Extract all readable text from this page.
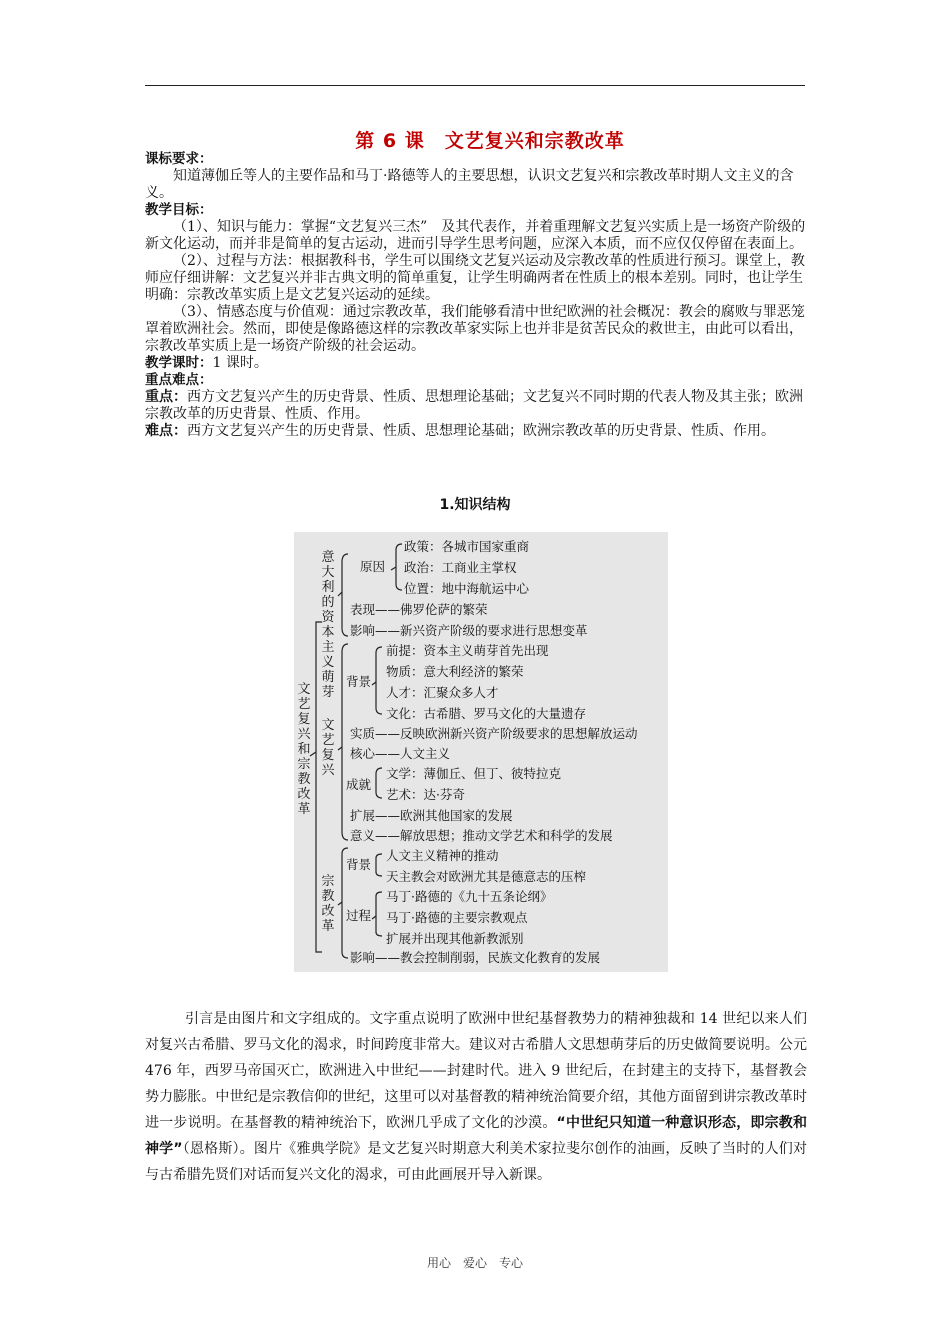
第 6 课　文艺复兴和宗教改革

课标要求：

知道薄伽丘等人的主要作品和马丁·路德等人的主要思想，认识文艺复兴和宗教改革时期人文主义的含义。

教学目标：

（1）、知识与能力：掌握“文艺复兴三杰”　及其代表作，并着重理解文艺复兴实质上是一场资产阶级的新文化运动，而并非是简单的复古运动，进而引导学生思考问题，应深入本质，而不应仅仅停留在表面上。

（2）、过程与方法：根据教科书，学生可以围绕文艺复兴运动及宗教改革的性质进行预习。课堂上，教师应仔细讲解：文艺复兴并非古典文明的简单重复，让学生明确两者在性质上的根本差别。同时，也让学生明确：宗教改革实质上是文艺复兴运动的延续。

（3）、情感态度与价值观：通过宗教改革，我们能够看清中世纪欧洲的社会概况：教会的腐败与罪恶笼罩着欧洲社会。然而，即使是像路德这样的宗教改革家实际上也并非是贫苦民众的救世主，由此可以看出，宗教改革实质上是一场资产阶级的社会运动。

教学课时：1 课时。

重点难点：

重点：西方文艺复兴产生的历史背景、性质、思想理论基础；文艺复兴不同时期的代表人物及其主张；欧洲宗教改革的历史背景、性质、作用。

难点：西方文艺复兴产生的历史背景、性质、思想理论基础；欧洲宗教改革的历史背景、性质、作用。

1.知识结构
文艺复兴和宗教改革
意大利的资本主义萌芽
文艺复兴
宗教改革
原因
政策：各城市国家重商
政治：工商业主掌权
位置：地中海航运中心
表现——佛罗伦萨的繁荣
影响——新兴资产阶级的要求进行思想变革
背景
前提：资本主义萌芽首先出现
物质：意大利经济的繁荣
人才：汇聚众多人才
文化：古希腊、罗马文化的大量遗存
实质——反映欧洲新兴资产阶级要求的思想解放运动
核心——人文主义
成就
文学：薄伽丘、但丁、彼特拉克
艺术：达·芬奇
扩展——欧洲其他国家的发展
意义——解放思想；推动文学艺术和科学的发展
背景
人文主义精神的推动
天主教会对欧洲尤其是德意志的压榨
过程
马丁·路德的《九十五条论纲》
马丁·路德的主要宗教观点
扩展并出现其他新教派别
影响——教会控制削弱，民族文化教育的发展
引言是由图片和文字组成的。文字重点说明了欧洲中世纪基督教势力的精神独裁和 14 世纪以来人们对复兴古希腊、罗马文化的渴求，时间跨度非常大。建议对古希腊人文思想萌芽后的历史做简要说明。公元 476 年，西罗马帝国灭亡，欧洲进入中世纪——封建时代。进入 9 世纪后，在封建主的支持下，基督教会势力膨胀。中世纪是宗教信仰的世纪，这里可以对基督教的精神统治简要介绍，其他方面留到讲宗教改革时进一步说明。在基督教的精神统治下，欧洲几乎成了文化的沙漠。“中世纪只知道一种意识形态，即宗教和神学”（恩格斯）。图片《雅典学院》是文艺复兴时期意大利美术家拉斐尔创作的油画，反映了当时的人们对与古希腊先贤们对话而复兴文化的渴求，可由此画展开导入新课。
用心　爱心　专心
